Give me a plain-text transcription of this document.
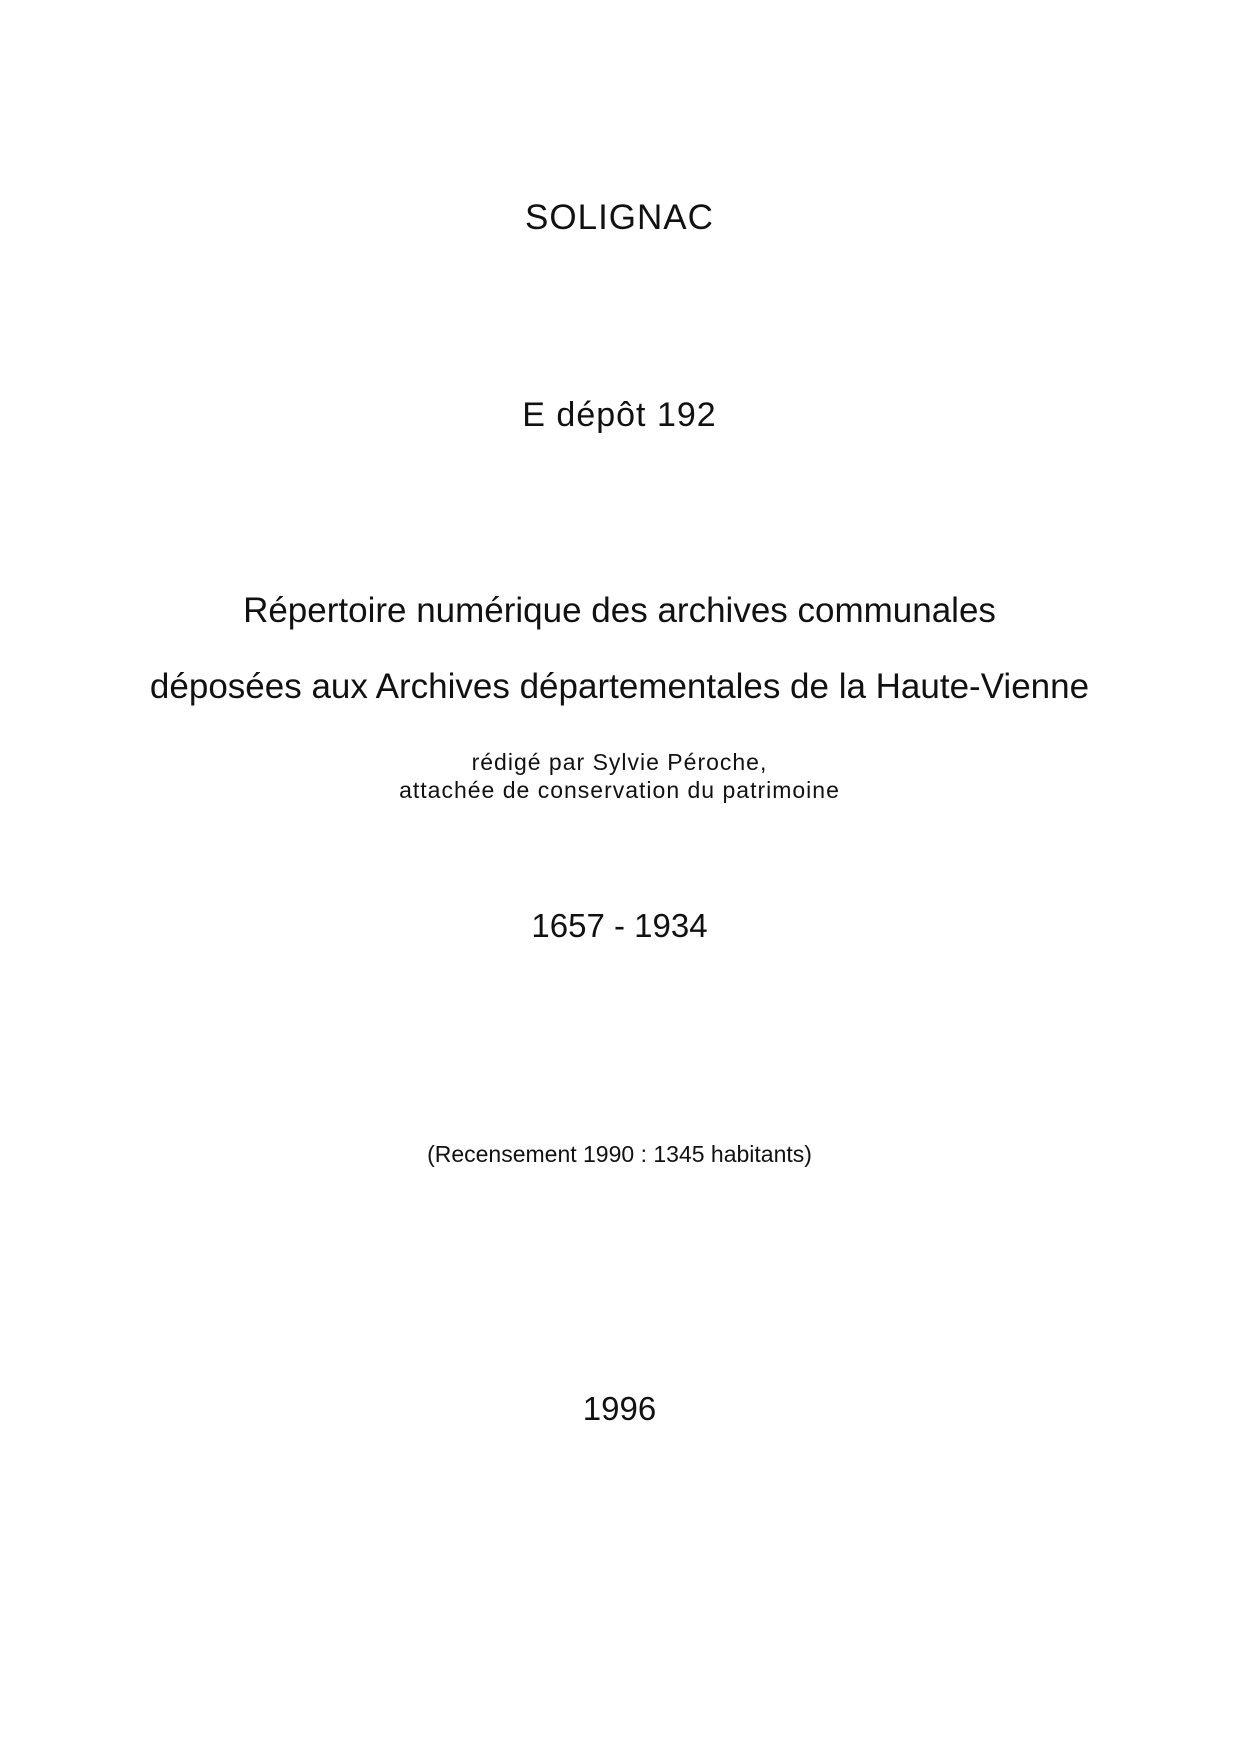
SOLIGNAC
E dépôt 192
Répertoire numérique des archives communales
déposées aux Archives départementales de la Haute-Vienne
rédigé par Sylvie Péroche,
attachée de conservation du patrimoine
1657 - 1934
(Recensement 1990 : 1345 habitants)
1996
